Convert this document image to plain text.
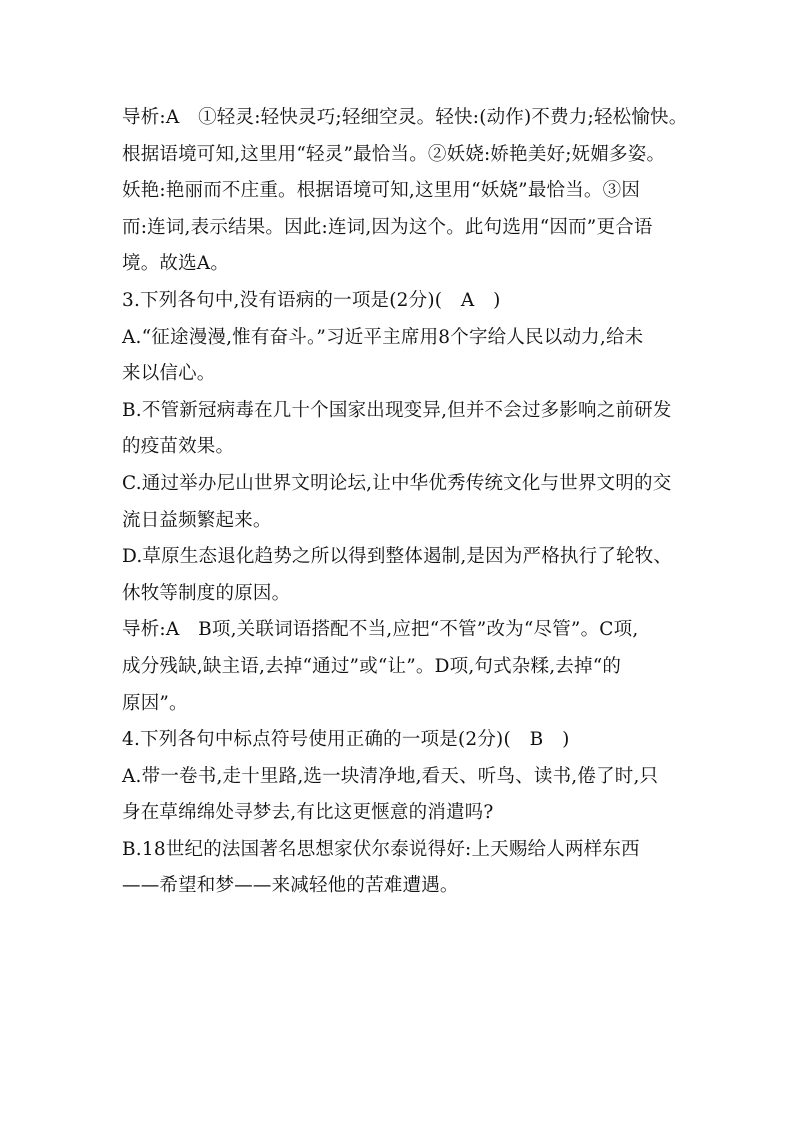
导析:A　①轻灵:轻快灵巧;轻细空灵。轻快:(动作)不费力;轻松愉快。
根据语境可知,这里用“轻灵”最恰当。②妖娆:娇艳美好;妩媚多姿。
妖艳:艳丽而不庄重。根据语境可知,这里用“妖娆”最恰当。③因
而:连词,表示结果。因此:连词,因为这个。此句选用“因而”更合语
境。故选A。
3.下列各句中,没有语病的一项是(2分)(　A　)
A.“征途漫漫,惟有奋斗。”习近平主席用8个字给人民以动力,给未
来以信心。
B.不管新冠病毒在几十个国家出现变异,但并不会过多影响之前研发
的疫苗效果。
C.通过举办尼山世界文明论坛,让中华优秀传统文化与世界文明的交
流日益频繁起来。
D.草原生态退化趋势之所以得到整体遏制,是因为严格执行了轮牧、
休牧等制度的原因。
导析:A　B项,关联词语搭配不当,应把“不管”改为“尽管”。C项,
成分残缺,缺主语,去掉“通过”或“让”。D项,句式杂糅,去掉“的
原因”。
4.下列各句中标点符号使用正确的一项是(2分)(　B　)
A.带一卷书,走十里路,选一块清净地,看天、听鸟、读书,倦了时,只
身在草绵绵处寻梦去,有比这更惬意的消遣吗?
B.18世纪的法国著名思想家伏尔泰说得好:上天赐给人两样东西
——希望和梦——来减轻他的苦难遭遇。
